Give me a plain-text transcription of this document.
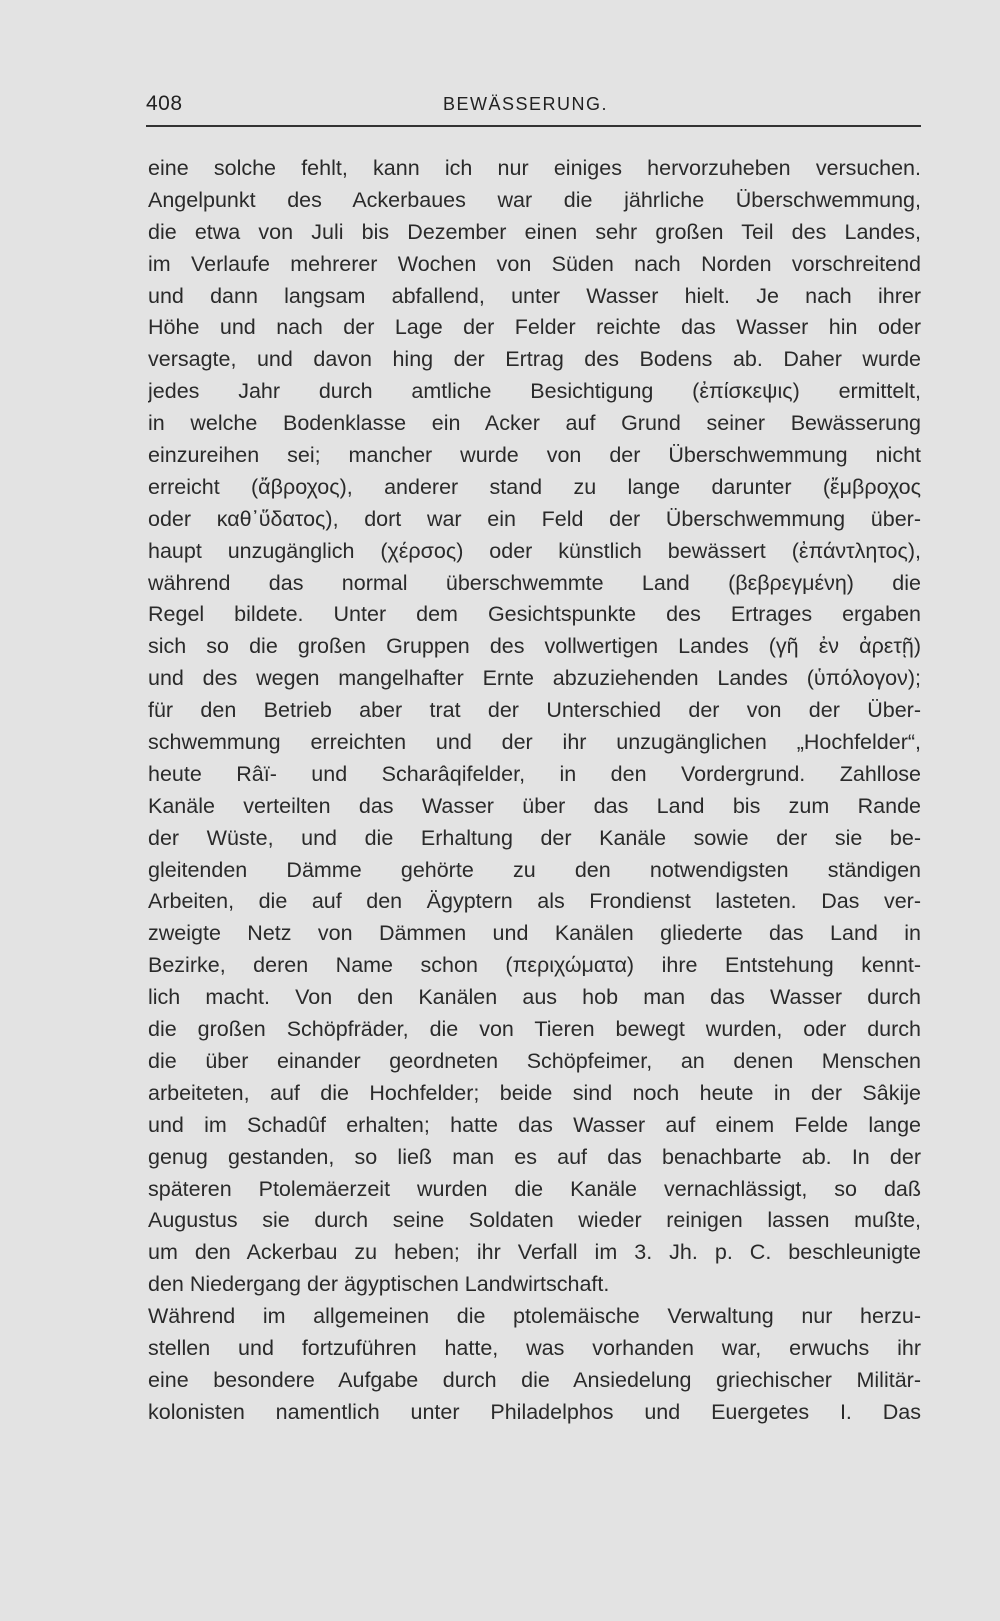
408	BEWÄSSERUNG.
eine solche fehlt, kann ich nur einiges hervorzuheben versuchen.
Angelpunkt des Ackerbaues war die jährliche Überschwemmung,
die etwa von Juli bis Dezember einen sehr großen Teil des Landes,
im Verlaufe mehrerer Wochen von Süden nach Norden vorschreitend
und dann langsam abfallend, unter Wasser hielt. Je nach ihrer
Höhe und nach der Lage der Felder reichte das Wasser hin oder
versagte, und davon hing der Ertrag des Bodens ab. Daher wurde
jedes Jahr durch amtliche Besichtigung (ἐπίσκεψις) ermittelt,
in welche Bodenklasse ein Acker auf Grund seiner Bewässerung
einzureihen sei; mancher wurde von der Überschwemmung nicht
erreicht (ἄβροχος), anderer stand zu lange darunter (ἔμβροχος
oder καθ᾽ὕδατος), dort war ein Feld der Überschwemmung über-
haupt unzugänglich (χέρσος) oder künstlich bewässert (ἐπάντλητος),
während das normal überschwemmte Land (βεβρεγμένη) die
Regel bildete. Unter dem Gesichtspunkte des Ertrages ergaben
sich so die großen Gruppen des vollwertigen Landes (γῆ ἐν ἀρετῇ)
und des wegen mangelhafter Ernte abzuziehenden Landes (ὑπόλογον);
für den Betrieb aber trat der Unterschied der von der Über-
schwemmung erreichten und der ihr unzugänglichen „Hochfelder“,
heute Râï- und Scharâqifelder, in den Vordergrund. Zahllose
Kanäle verteilten das Wasser über das Land bis zum Rande
der Wüste, und die Erhaltung der Kanäle sowie der sie be-
gleitenden Dämme gehörte zu den notwendigsten ständigen
Arbeiten, die auf den Ägyptern als Frondienst lasteten. Das ver-
zweigte Netz von Dämmen und Kanälen gliederte das Land in
Bezirke, deren Name schon (περιχώματα) ihre Entstehung kennt-
lich macht. Von den Kanälen aus hob man das Wasser durch
die großen Schöpfräder, die von Tieren bewegt wurden, oder durch
die über einander geordneten Schöpfeimer, an denen Menschen
arbeiteten, auf die Hochfelder; beide sind noch heute in der Sâkije
und im Schadûf erhalten; hatte das Wasser auf einem Felde lange
genug gestanden, so ließ man es auf das benachbarte ab. In der
späteren Ptolemäerzeit wurden die Kanäle vernachlässigt, so daß
Augustus sie durch seine Soldaten wieder reinigen lassen mußte,
um den Ackerbau zu heben; ihr Verfall im 3. Jh. p. C. beschleunigte
den Niedergang der ägyptischen Landwirtschaft.
Während im allgemeinen die ptolemäische Verwaltung nur herzu-
stellen und fortzuführen hatte, was vorhanden war, erwuchs ihr
eine besondere Aufgabe durch die Ansiedelung griechischer Militär-
kolonisten namentlich unter Philadelphos und Euergetes I. Das
